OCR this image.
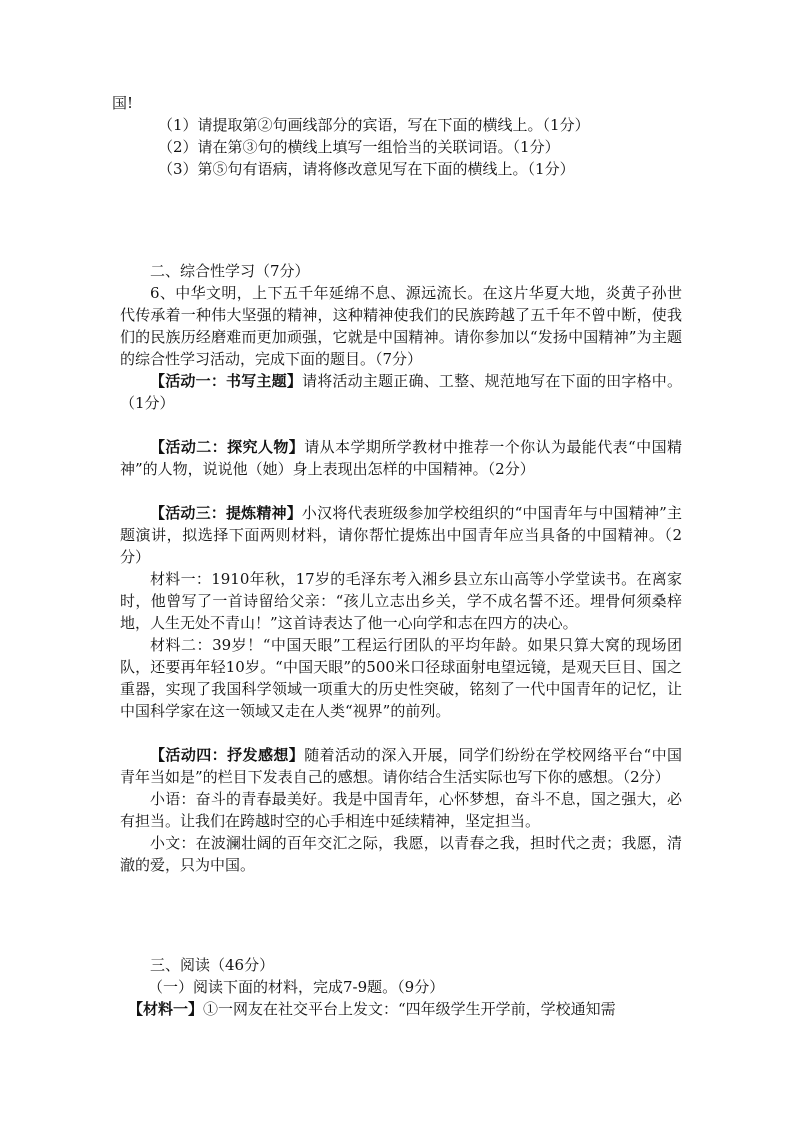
国!

（1）请提取第②句画线部分的宾语，写在下面的横线上。（1分）

（2）请在第③句的横线上填写一组恰当的关联词语。（1分）

（3）第⑤句有语病，请将修改意见写在下面的横线上。（1分）

二、综合性学习（7分）

6、中华文明，上下五千年延绵不息、源远流长。在这片华夏大地，炎黄子孙世代传承着一种伟大坚强的精神，这种精神使我们的民族跨越了五千年不曾中断，使我们的民族历经磨难而更加顽强，它就是中国精神。请你参加以“发扬中国精神”为主题的综合性学习活动，完成下面的题目。（7分）

【活动一：书写主题】请将活动主题正确、工整、规范地写在下面的田字格中。（1分）

【活动二：探究人物】请从本学期所学教材中推荐一个你认为最能代表“中国精神”的人物，说说他（她）身上表现出怎样的中国精神。（2分）

【活动三：提炼精神】小汉将代表班级参加学校组织的“中国青年与中国精神”主题演讲，拟选择下面两则材料，请你帮忙提炼出中国青年应当具备的中国精神。（2分）

材料一：1910年秋，17岁的毛泽东考入湘乡县立东山高等小学堂读书。在离家时，他曾写了一首诗留给父亲：“孩儿立志出乡关，学不成名誓不还。埋骨何须桑梓地，人生无处不青山！”这首诗表达了他一心向学和志在四方的决心。

材料二：39岁！“中国天眼”工程运行团队的平均年龄。如果只算大窝的现场团队，还要再年轻10岁。“中国天眼”的500米口径球面射电望远镜，是观天巨目、国之重器，实现了我国科学领域一项重大的历史性突破，铭刻了一代中国青年的记忆，让中国科学家在这一领域又走在人类“视界”的前列。

【活动四：抒发感想】随着活动的深入开展，同学们纷纷在学校网络平台“中国青年当如是”的栏目下发表自己的感想。请你结合生活实际也写下你的感想。（2分）

小语：奋斗的青春最美好。我是中国青年，心怀梦想，奋斗不息，国之强大，必有担当。让我们在跨越时空的心手相连中延续精神，坚定担当。

小文：在波澜壮阔的百年交汇之际，我愿，以青春之我，担时代之责；我愿，清澈的爱，只为中国。

三、阅读（46分）

（一）阅读下面的材料，完成7-9题。（9分）

【材料一】①一网友在社交平台上发文：“四年级学生开学前，学校通知需
